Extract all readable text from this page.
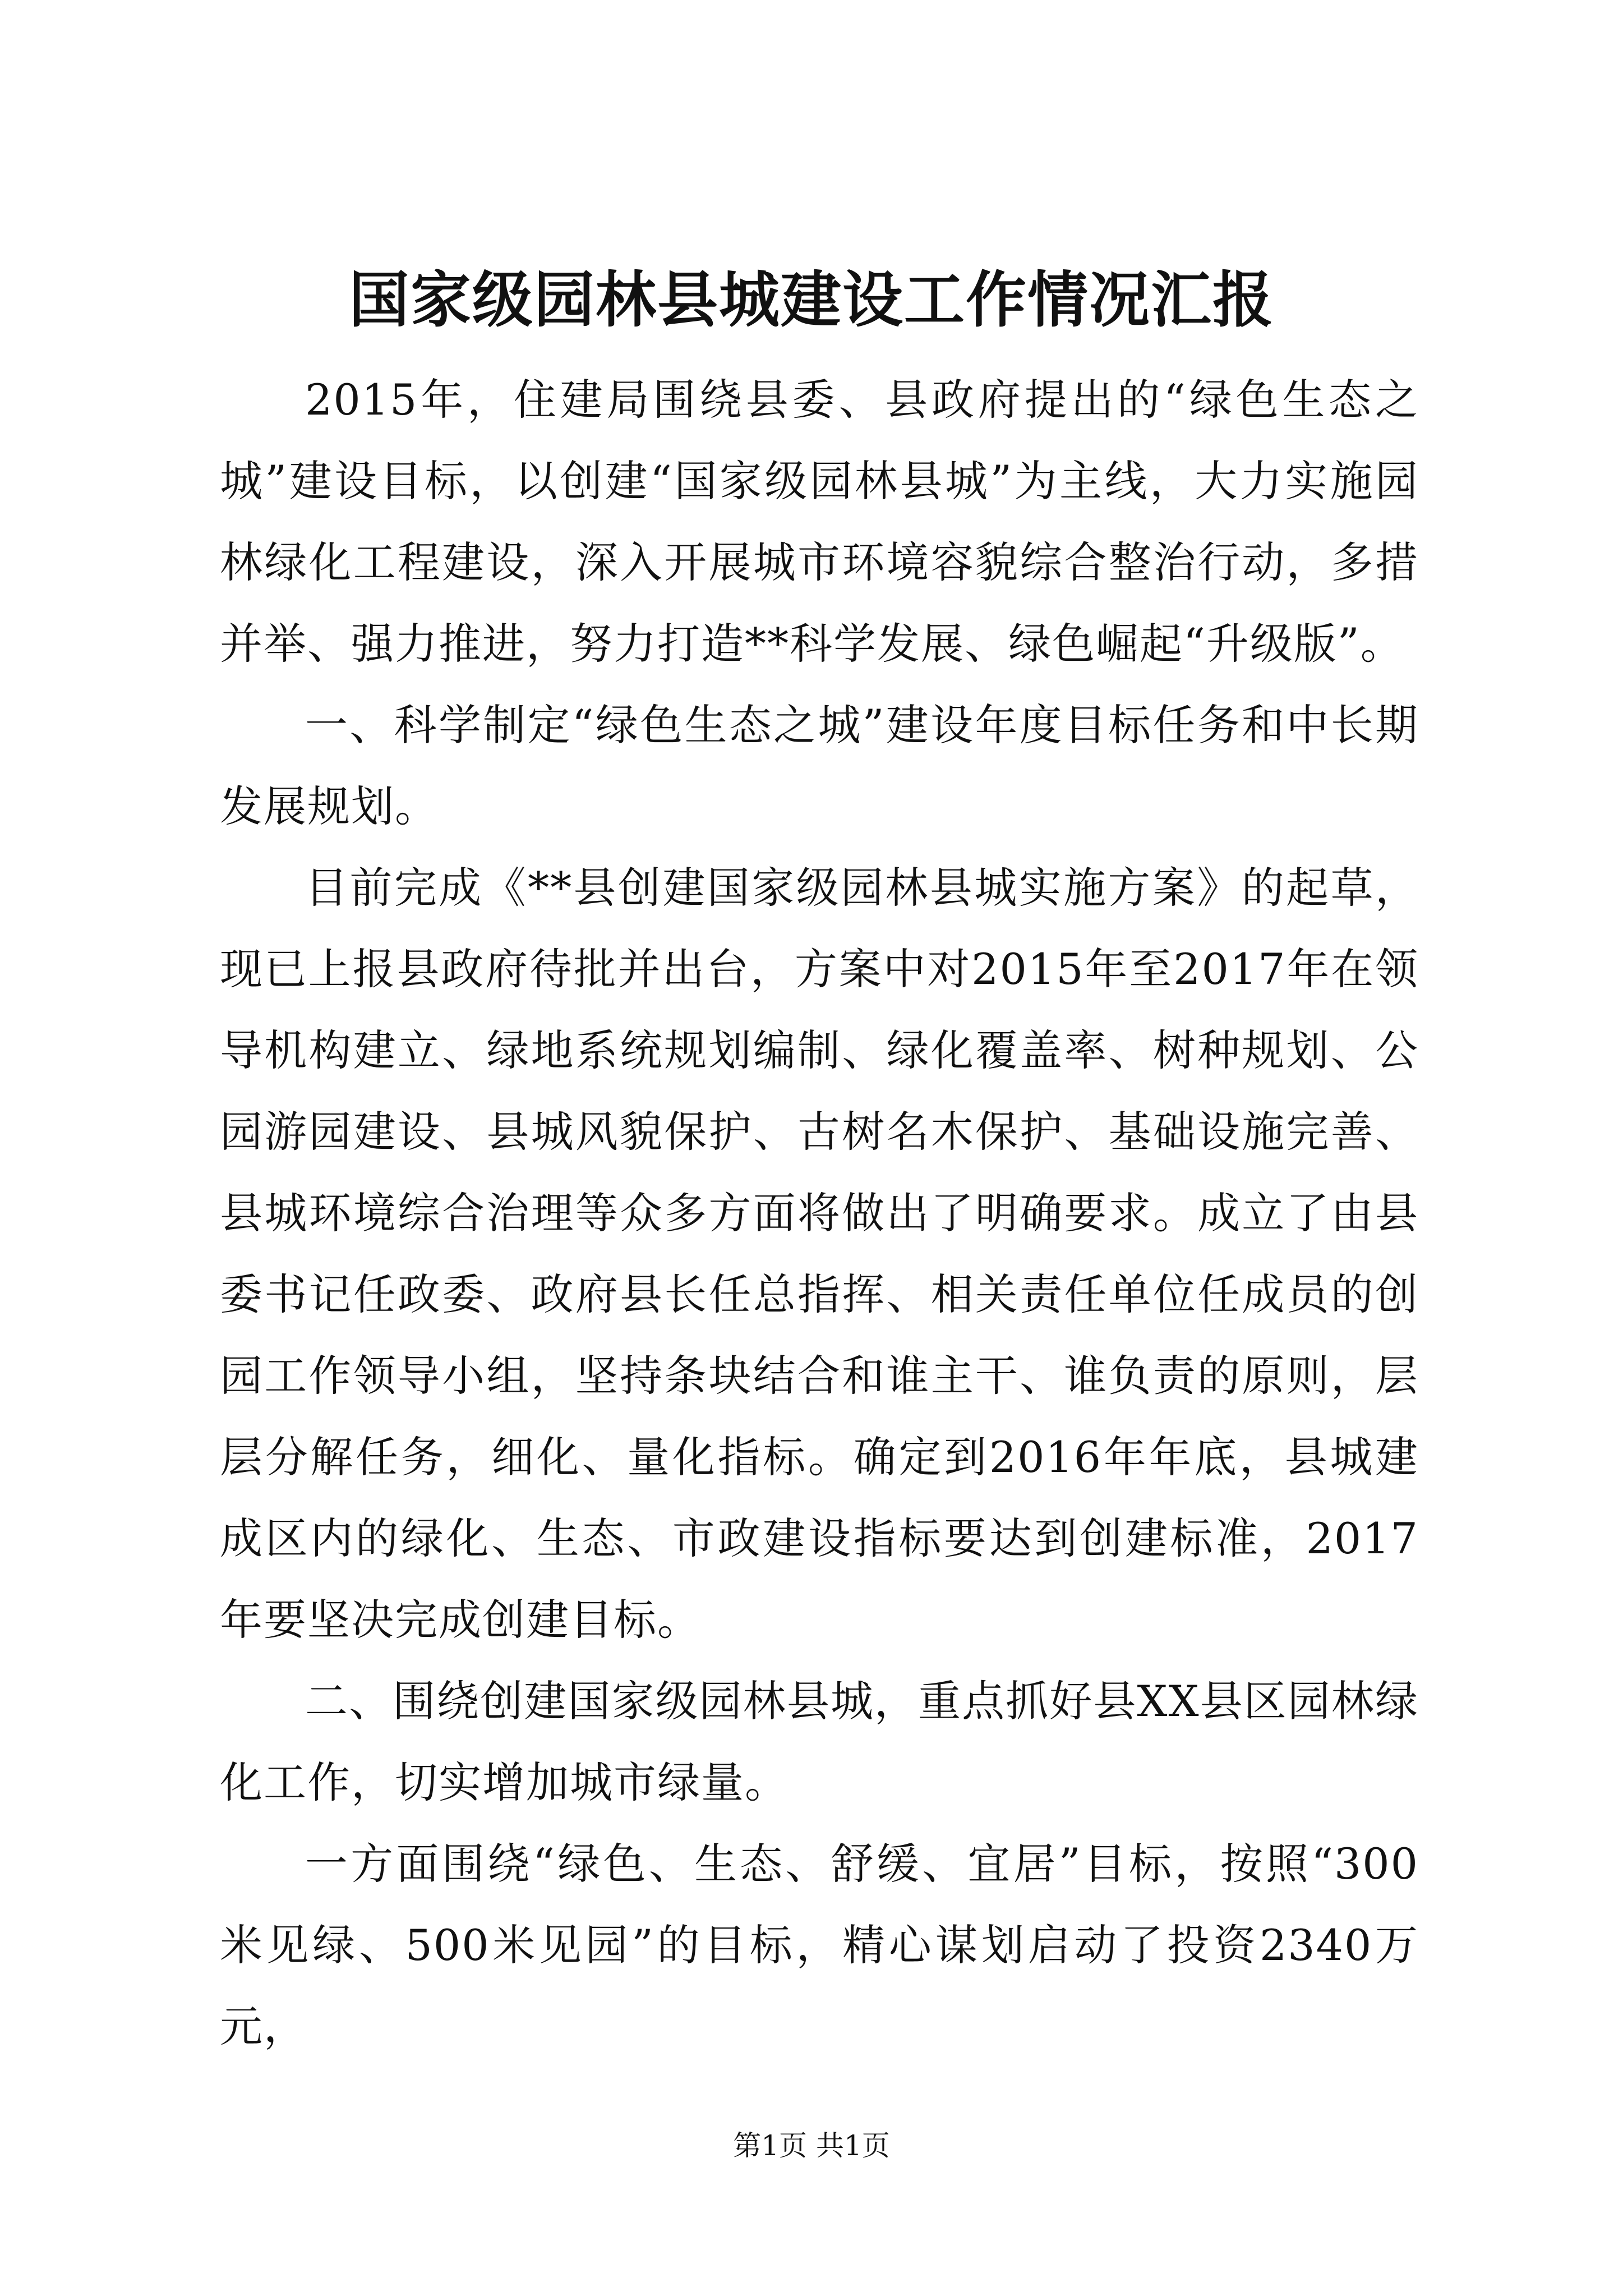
国家级园林县城建设工作情况汇报

2015年，住建局围绕县委、县政府提出的“绿色生态之城”建设目标，以创建“国家级园林县城”为主线，大力实施园林绿化工程建设，深入开展城市环境容貌综合整治行动，多措并举、强力推进，努力打造**科学发展、绿色崛起“升级版”。

一、科学制定“绿色生态之城”建设年度目标任务和中长期发展规划。

目前完成《**县创建国家级园林县城实施方案》的起草，现已上报县政府待批并出台，方案中对2015年至2017年在领导机构建立、绿地系统规划编制、绿化覆盖率、树种规划、公园游园建设、县城风貌保护、古树名木保护、基础设施完善、县城环境综合治理等众多方面将做出了明确要求。成立了由县委书记任政委、政府县长任总指挥、相关责任单位任成员的创园工作领导小组，坚持条块结合和谁主干、谁负责的原则，层层分解任务，细化、量化指标。确定到2016年年底，县城建成区内的绿化、生态、市政建设指标要达到创建标准，2017年要坚决完成创建目标。

二、围绕创建国家级园林县城，重点抓好县XX县区园林绿化工作，切实增加城市绿量。

一方面围绕“绿色、生态、舒缓、宜居”目标，按照“300米见绿、500米见园”的目标，精心谋划启动了投资2340万元，

第1页 共1页
